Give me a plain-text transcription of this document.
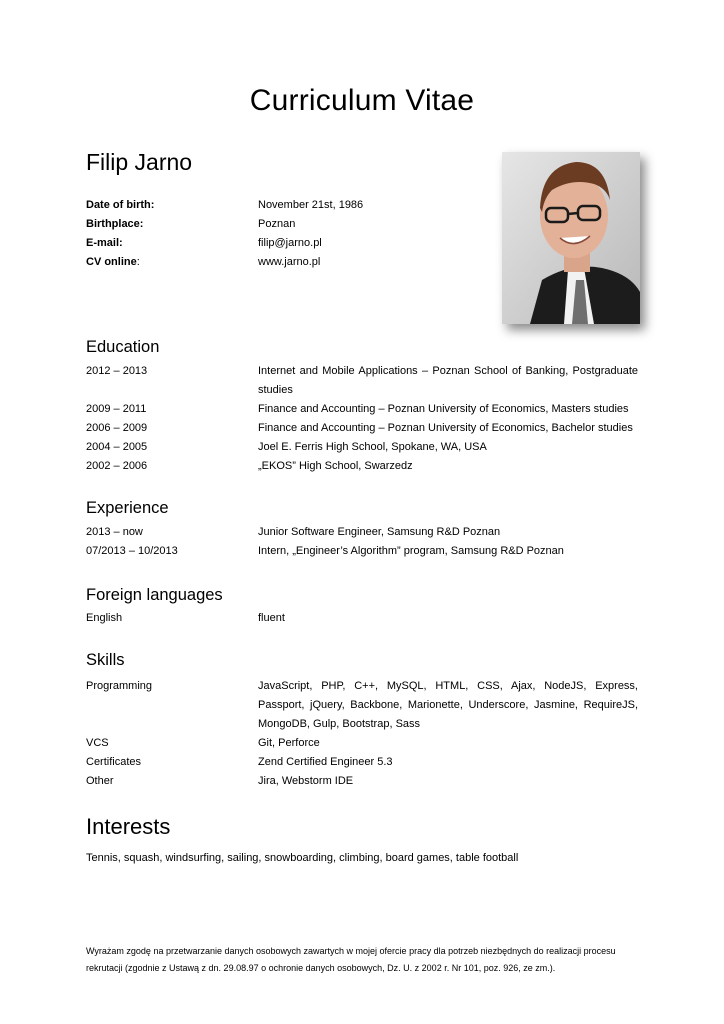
Curriculum Vitae
Filip Jarno
Date of birth:	November 21st, 1986
Birthplace:	Poznan
E-mail:	filip@jarno.pl
CV online:	www.jarno.pl
Education
2012 – 2013	Internet and Mobile Applications – Poznan School of Banking, Postgraduate studies
2009 – 2011	Finance and Accounting – Poznan University of Economics, Masters studies
2006 – 2009	Finance and Accounting – Poznan University of Economics, Bachelor studies
2004 – 2005	Joel E. Ferris High School, Spokane, WA, USA
2002 – 2006	„EKOS” High School, Swarzedz
Experience
2013 – now	Junior Software Engineer, Samsung R&D Poznan
07/2013 – 10/2013	Intern, „Engineer’s Algorithm” program, Samsung R&D Poznan
Foreign languages
English	fluent
Skills
Programming	JavaScript, PHP, C++, MySQL, HTML, CSS, Ajax, NodeJS, Express, Passport, jQuery, Backbone, Marionette, Underscore, Jasmine, RequireJS, MongoDB, Gulp, Bootstrap, Sass
VCS	Git, Perforce
Certificates	Zend Certified Engineer 5.3
Other	Jira, Webstorm IDE
Interests

Tennis, squash, windsurfing, sailing, snowboarding, climbing, board games, table football

Wyrażam zgodę na przetwarzanie danych osobowych zawartych w mojej ofercie pracy dla potrzeb niezbędnych do realizacji procesu rekrutacji (zgodnie z Ustawą z dn. 29.08.97 o ochronie danych osobowych, Dz. U. z 2002 r. Nr 101, poz. 926, ze zm.).
